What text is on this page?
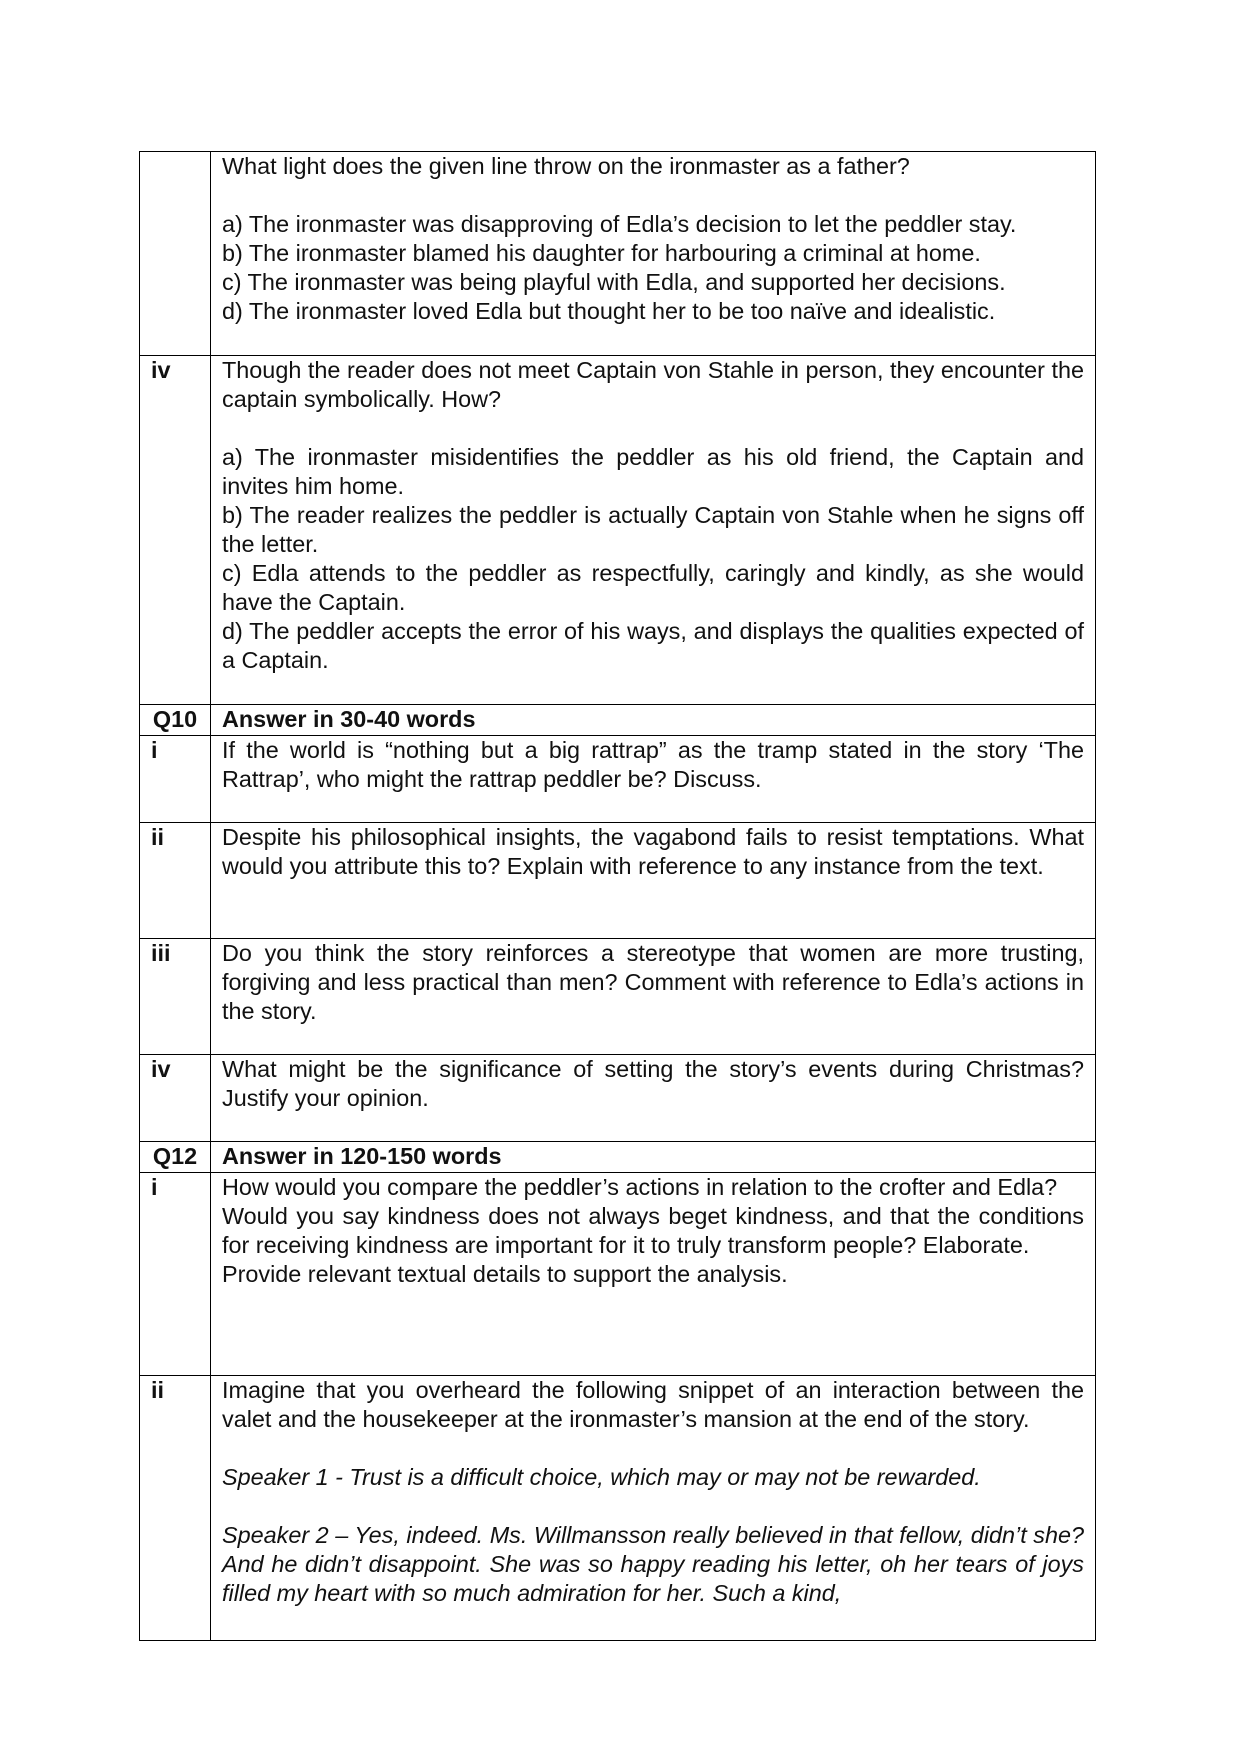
	What light does the given line throw on the ironmaster as a father?

a) The ironmaster was disapproving of Edla’s decision to let the peddler stay.

b) The ironmaster blamed his daughter for harbouring a criminal at home.

c) The ironmaster was being playful with Edla, and supported her decisions.

d) The ironmaster loved Edla but thought her to be too naïve and idealistic.

iv	Though the reader does not meet Captain von Stahle in person, they encounter the captain symbolically. How?

a) The ironmaster misidentifies the peddler as his old friend, the Captain and invites him home.

b) The reader realizes the peddler is actually Captain von Stahle when he signs off the letter.

c) Edla attends to the peddler as respectfully, caringly and kindly, as she would have the Captain.

d) The peddler accepts the error of his ways, and displays the qualities expected of a Captain.

Q10	Answer in 30-40 words

i	If the world is “nothing but a big rattrap” as the tramp stated in the story ‘The Rattrap’, who might the rattrap peddler be? Discuss.

ii	Despite his philosophical insights, the vagabond fails to resist temptations. What would you attribute this to? Explain with reference to any instance from the text.

iii	Do you think the story reinforces a stereotype that women are more trusting, forgiving and less practical than men? Comment with reference to Edla’s actions in the story.

iv	What might be the significance of setting the story’s events during Christmas? Justify your opinion.

Q12	Answer in 120-150 words

i	How would you compare the peddler’s actions in relation to the crofter and Edla?

Would you say kindness does not always beget kindness, and that the conditions for receiving kindness are important for it to truly transform people? Elaborate.

Provide relevant textual details to support the analysis.

ii	Imagine that you overheard the following snippet of an interaction between the valet and the housekeeper at the ironmaster’s mansion at the end of the story.

Speaker 1 - Trust is a difficult choice, which may or may not be rewarded.

Speaker 2 – Yes, indeed. Ms. Willmansson really believed in that fellow, didn’t she? And he didn’t disappoint. She was so happy reading his letter, oh her tears of joys filled my heart with so much admiration for her. Such a kind,
